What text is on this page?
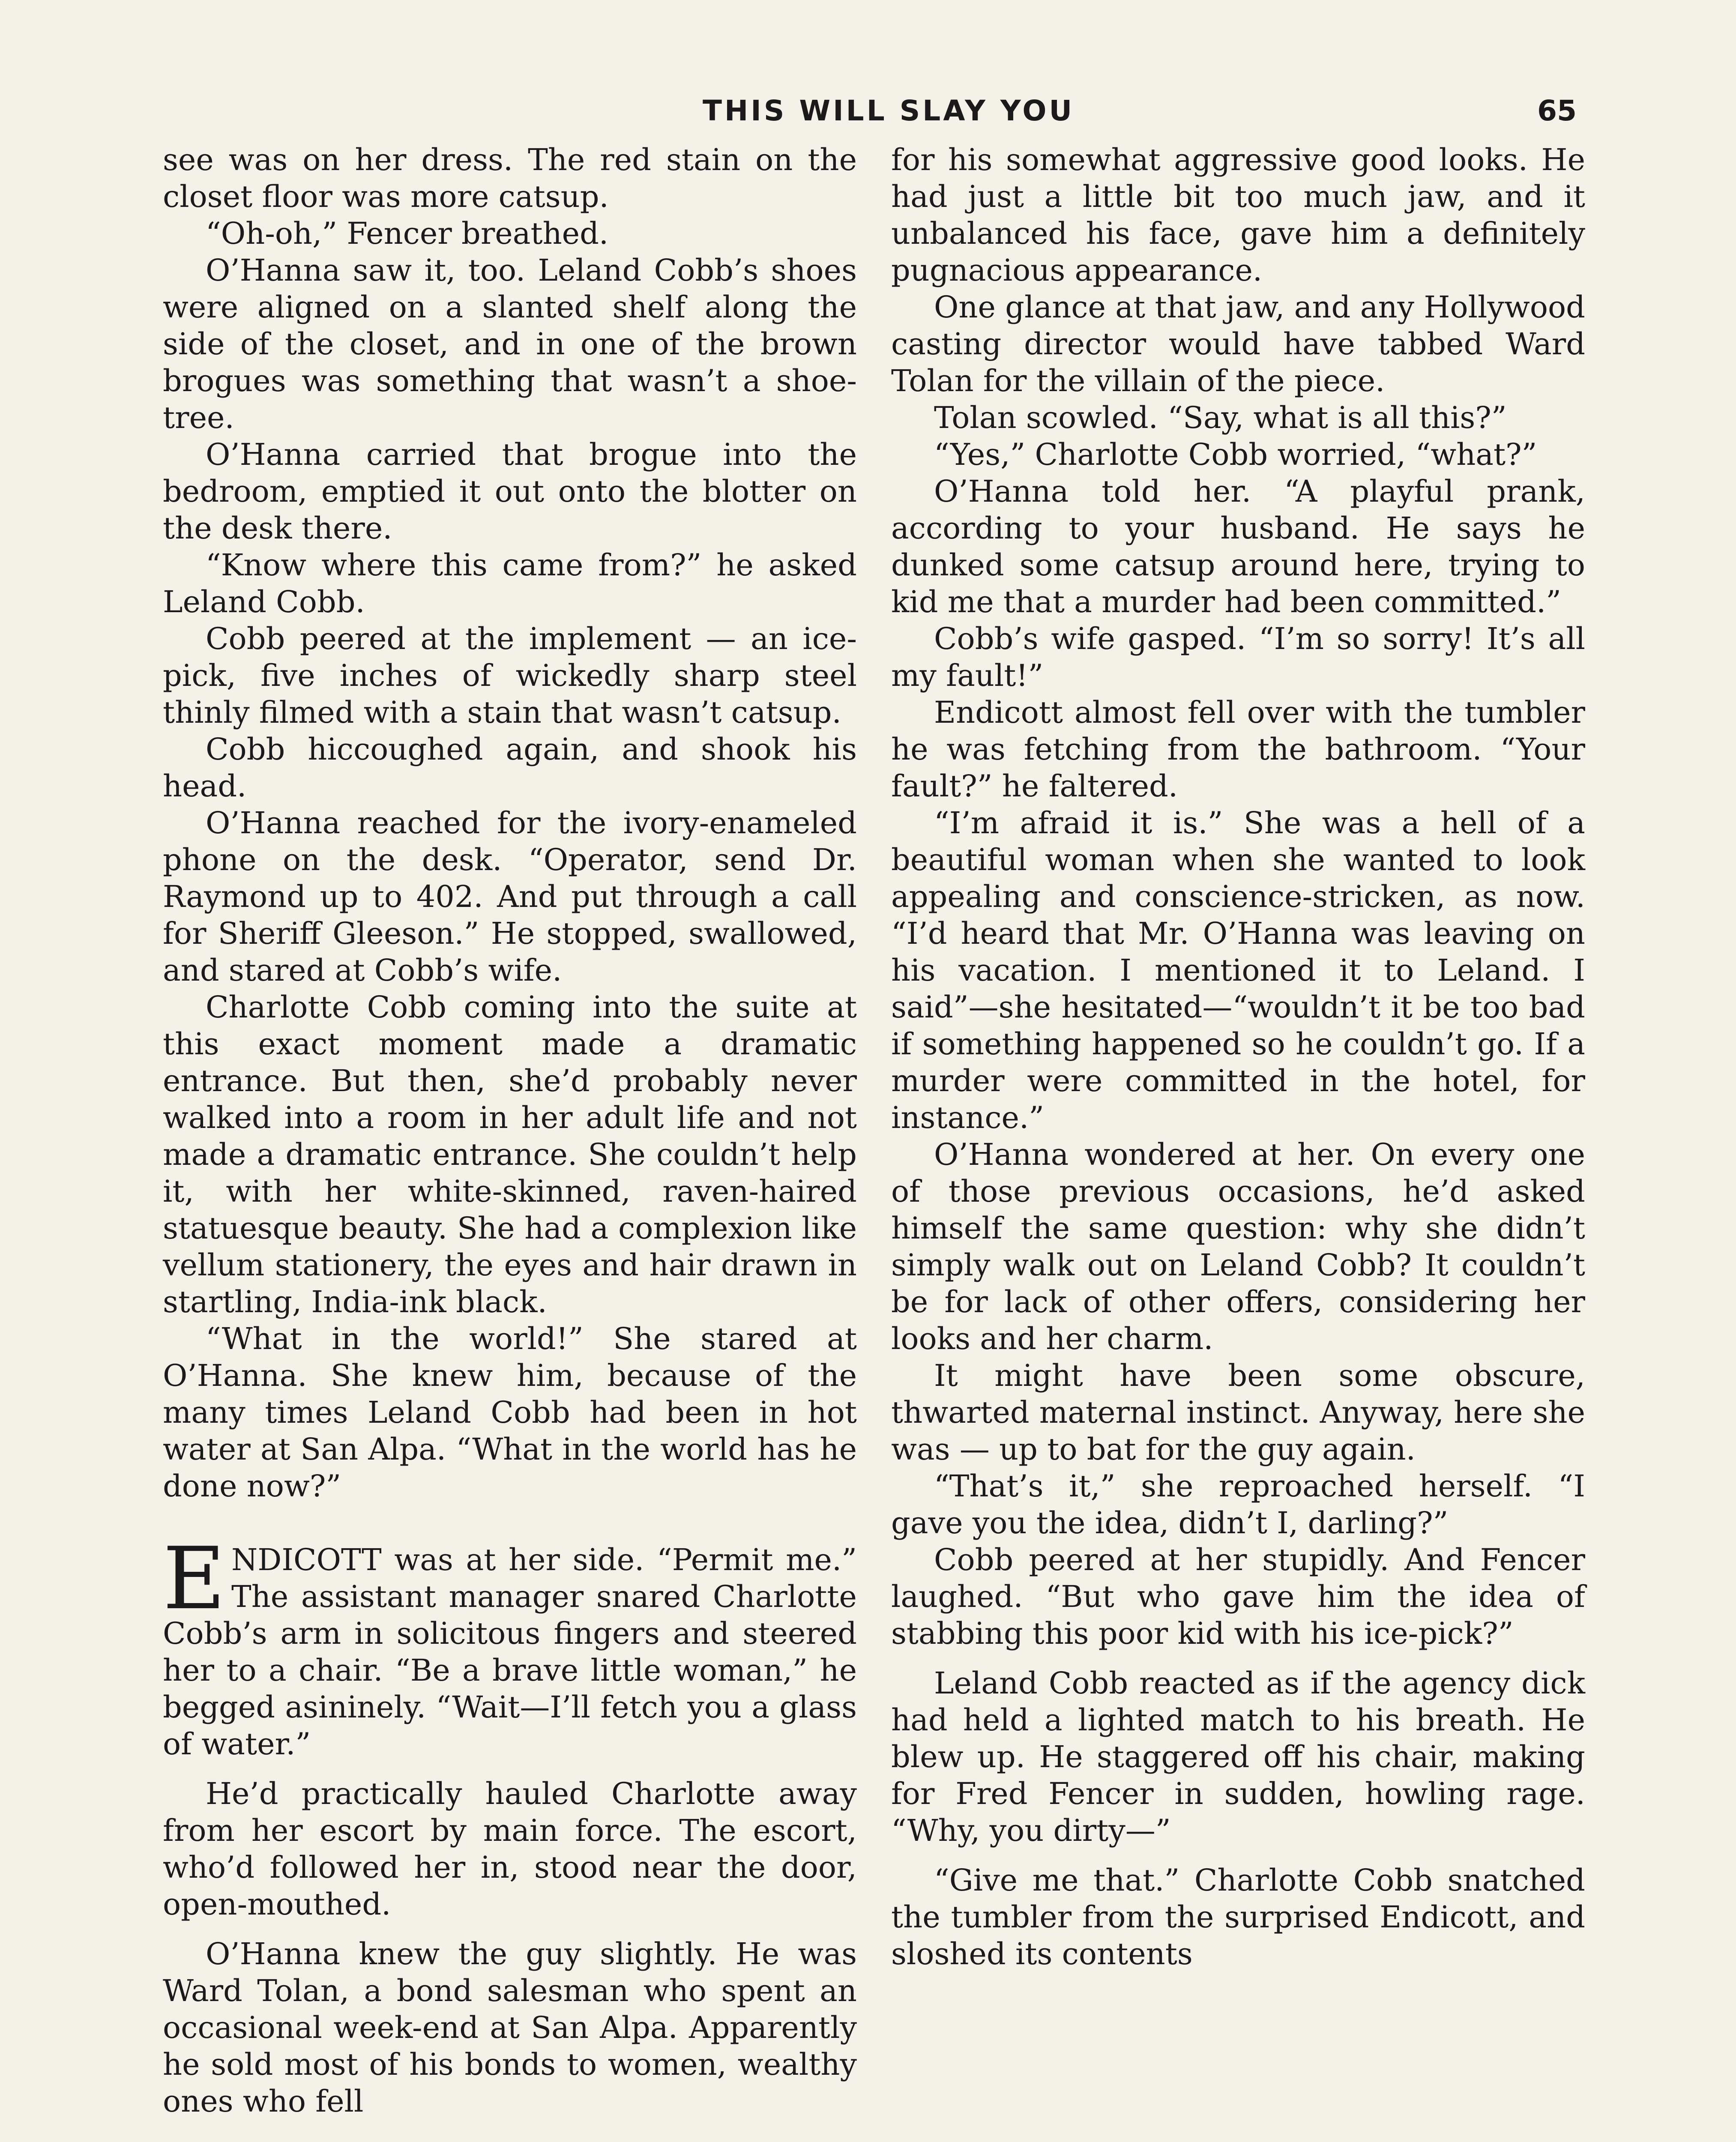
THIS WILL SLAY YOU	65

see was on her dress. The red stain on the closet floor was more catsup.

“Oh-oh,” Fencer breathed.

O’Hanna saw it, too. Leland Cobb’s shoes were aligned on a slanted shelf along the side of the closet, and in one of the brown brogues was something that wasn’t a shoe-tree.

O’Hanna carried that brogue into the bedroom, emptied it out onto the blotter on the desk there.

“Know where this came from?” he asked Leland Cobb.

Cobb peered at the implement — an ice-pick, five inches of wickedly sharp steel thinly filmed with a stain that wasn’t catsup.

Cobb hiccoughed again, and shook his head.

O’Hanna reached for the ivory-enameled phone on the desk. “Operator, send Dr. Raymond up to 402. And put through a call for Sheriff Gleeson.” He stopped, swallowed, and stared at Cobb’s wife.

Charlotte Cobb coming into the suite at this exact moment made a dramatic entrance. But then, she’d probably never walked into a room in her adult life and not made a dramatic entrance. She couldn’t help it, with her white-skinned, raven-haired statuesque beauty. She had a complexion like vellum stationery, the eyes and hair drawn in startling, India-ink black.

“What in the world!” She stared at O’Hanna. She knew him, because of the many times Leland Cobb had been in hot water at San Alpa. “What in the world has he done now?”

ENDICOTT was at her side. “Permit me.” The assistant manager snared Charlotte Cobb’s arm in solicitous fingers and steered her to a chair. “Be a brave little woman,” he begged asininely. “Wait—I’ll fetch you a glass of water.”

He’d practically hauled Charlotte away from her escort by main force. The escort, who’d followed her in, stood near the door, open-mouthed.

O’Hanna knew the guy slightly. He was Ward Tolan, a bond salesman who spent an occasional week-end at San Alpa. Apparently he sold most of his bonds to women, wealthy ones who fell

for his somewhat aggressive good looks. He had just a little bit too much jaw, and it unbalanced his face, gave him a definitely pugnacious appearance.

One glance at that jaw, and any Hollywood casting director would have tabbed Ward Tolan for the villain of the piece.

Tolan scowled. “Say, what is all this?”

“Yes,” Charlotte Cobb worried, “what?”

O’Hanna told her. “A playful prank, according to your husband. He says he dunked some catsup around here, trying to kid me that a murder had been committed.”

Cobb’s wife gasped. “I’m so sorry! It’s all my fault!”

Endicott almost fell over with the tumbler he was fetching from the bathroom. “Your fault?” he faltered.

“I’m afraid it is.” She was a hell of a beautiful woman when she wanted to look appealing and conscience-stricken, as now. “I’d heard that Mr. O’Hanna was leaving on his vacation. I mentioned it to Leland. I said”—she hesitated—“wouldn’t it be too bad if something happened so he couldn’t go. If a murder were committed in the hotel, for instance.”

O’Hanna wondered at her. On every one of those previous occasions, he’d asked himself the same question: why she didn’t simply walk out on Leland Cobb? It couldn’t be for lack of other offers, considering her looks and her charm.

It might have been some obscure, thwarted maternal instinct. Anyway, here she was — up to bat for the guy again.

“That’s it,” she reproached herself. “I gave you the idea, didn’t I, darling?”

Cobb peered at her stupidly. And Fencer laughed. “But who gave him the idea of stabbing this poor kid with his ice-pick?”

Leland Cobb reacted as if the agency dick had held a lighted match to his breath. He blew up. He staggered off his chair, making for Fred Fencer in sudden, howling rage. “Why, you dirty—”

“Give me that.” Charlotte Cobb snatched the tumbler from the surprised Endicott, and sloshed its contents
